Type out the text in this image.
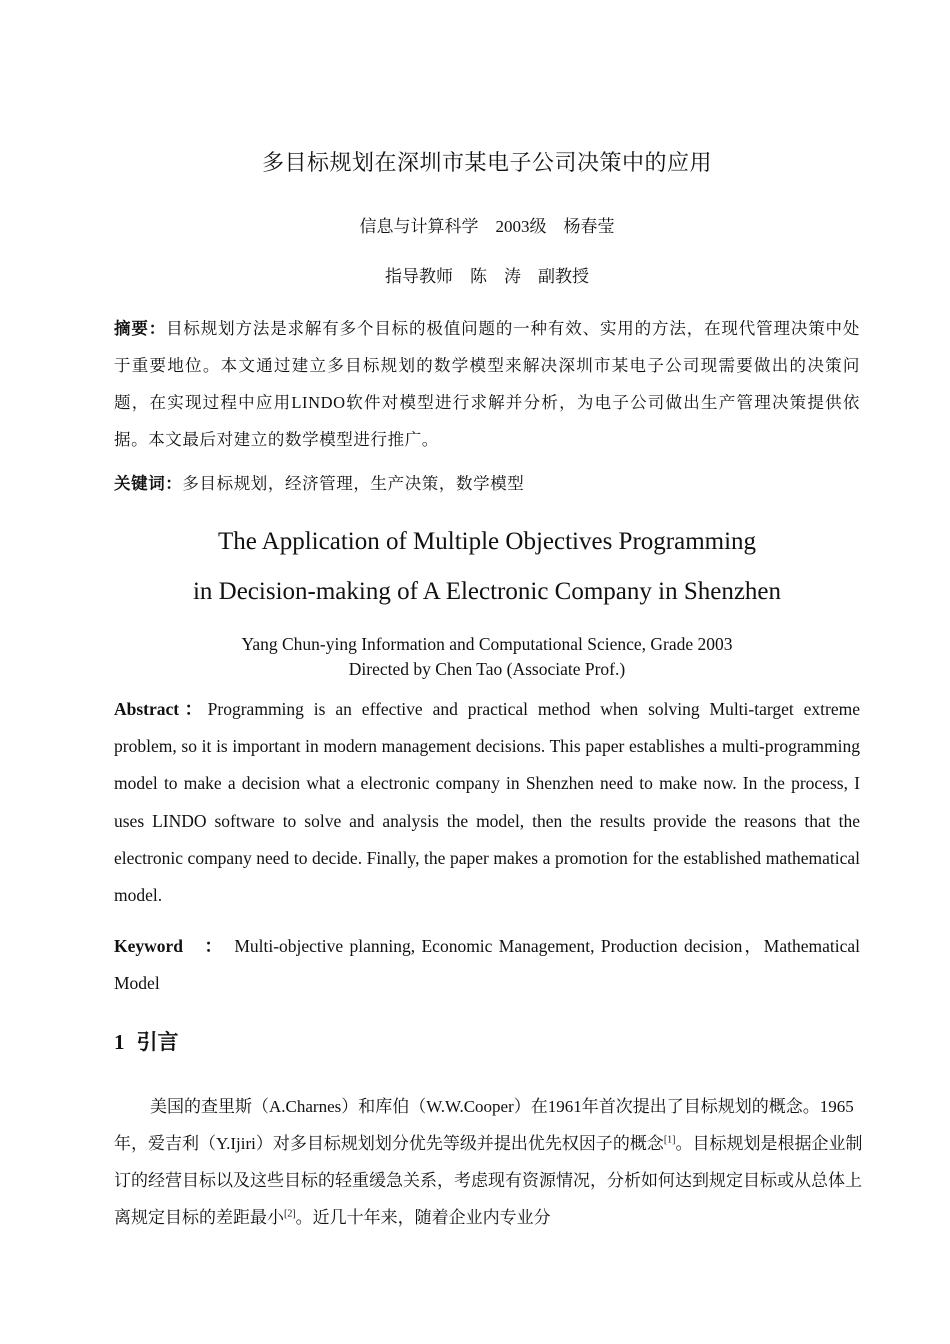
多目标规划在深圳市某电子公司决策中的应用
信息与计算科学　2003级　杨春莹
指导教师　陈　涛　副教授
摘要：目标规划方法是求解有多个目标的极值问题的一种有效、实用的方法，在现代管理决策中处于重要地位。本文通过建立多目标规划的数学模型来解决深圳市某电子公司现需要做出的决策问题，在实现过程中应用LINDO软件对模型进行求解并分析，为电子公司做出生产管理决策提供依据。本文最后对建立的数学模型进行推广。
关键词：多目标规划，经济管理，生产决策，数学模型
The Application of Multiple Objectives Programming
in Decision-making of A Electronic Company in Shenzhen
Yang Chun-ying Information and Computational Science, Grade 2003
Directed by Chen Tao (Associate Prof.)
Abstract：Programming is an effective and practical method when solving Multi-target extreme problem, so it is important in modern management decisions. This paper establishes a multi-programming model to make a decision what a electronic company in Shenzhen need to make now. In the process, I uses LINDO software to solve and analysis the model, then the results provide the reasons that the electronic company need to decide. Finally, the paper makes a promotion for the established mathematical model.
Keyword　： Multi-objective planning, Economic Management, Production decision，Mathematical Model
1 引言
美国的查里斯（A.Charnes）和库伯（W.W.Cooper）在1961年首次提出了目标规划的概念。1965年，爱吉利（Y.Ijiri）对多目标规划划分优先等级并提出优先权因子的概念[1]。目标规划是根据企业制订的经营目标以及这些目标的轻重缓急关系，考虑现有资源情况，分析如何达到规定目标或从总体上离规定目标的差距最小[2]。近几十年来，随着企业内专业分
